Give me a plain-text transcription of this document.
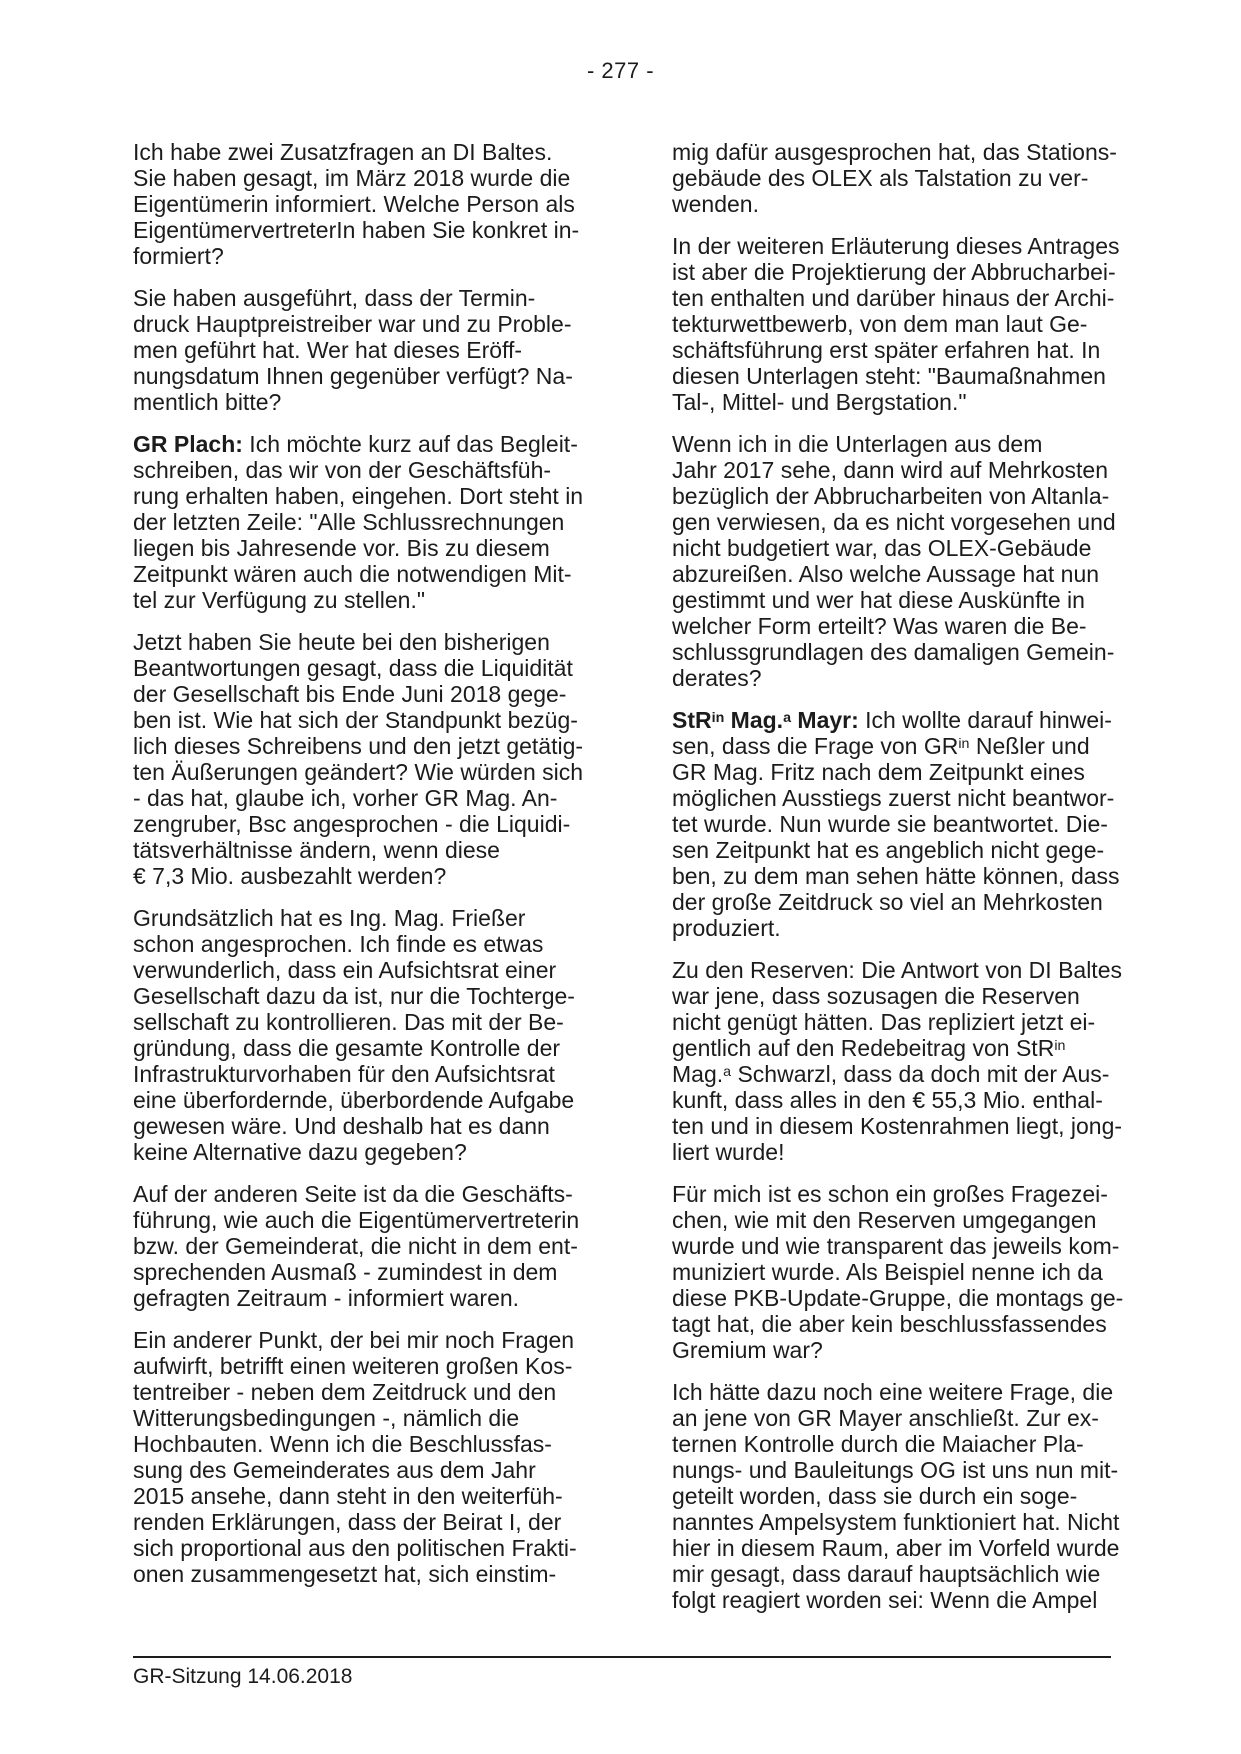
- 277 -

Ich habe zwei Zusatzfragen an DI Baltes.
Sie haben gesagt, im März 2018 wurde die
Eigentümerin informiert. Welche Person als
EigentümervertreterIn haben Sie konkret in-
formiert?

Sie haben ausgeführt, dass der Termin-
druck Hauptpreistreiber war und zu Proble-
men geführt hat. Wer hat dieses Eröff-
nungsdatum Ihnen gegenüber verfügt? Na-
mentlich bitte?

GR Plach: Ich möchte kurz auf das Begleit-
schreiben, das wir von der Geschäftsfüh-
rung erhalten haben, eingehen. Dort steht in
der letzten Zeile: "Alle Schlussrechnungen
liegen bis Jahresende vor. Bis zu diesem
Zeitpunkt wären auch die notwendigen Mit-
tel zur Verfügung zu stellen."

Jetzt haben Sie heute bei den bisherigen
Beantwortungen gesagt, dass die Liquidität
der Gesellschaft bis Ende Juni 2018 gege-
ben ist. Wie hat sich der Standpunkt bezüg-
lich dieses Schreibens und den jetzt getätig-
ten Äußerungen geändert? Wie würden sich
- das hat, glaube ich, vorher GR Mag. An-
zengruber, Bsc angesprochen - die Liquidi-
tätsverhältnisse ändern, wenn diese
€ 7,3 Mio. ausbezahlt werden?

Grundsätzlich hat es Ing. Mag. Frießer
schon angesprochen. Ich finde es etwas
verwunderlich, dass ein Aufsichtsrat einer
Gesellschaft dazu da ist, nur die Tochterge-
sellschaft zu kontrollieren. Das mit der Be-
gründung, dass die gesamte Kontrolle der
Infrastrukturvorhaben für den Aufsichtsrat
eine überfordernde, überbordende Aufgabe
gewesen wäre. Und deshalb hat es dann
keine Alternative dazu gegeben?

Auf der anderen Seite ist da die Geschäfts-
führung, wie auch die Eigentümervertreterin
bzw. der Gemeinderat, die nicht in dem ent-
sprechenden Ausmaß - zumindest in dem
gefragten Zeitraum - informiert waren.

Ein anderer Punkt, der bei mir noch Fragen
aufwirft, betrifft einen weiteren großen Kos-
tentreiber - neben dem Zeitdruck und den
Witterungsbedingungen -, nämlich die
Hochbauten. Wenn ich die Beschlussfas-
sung des Gemeinderates aus dem Jahr
2015 ansehe, dann steht in den weiterfüh-
renden Erklärungen, dass der Beirat I, der
sich proportional aus den politischen Frakti-
onen zusammengesetzt hat, sich einstim-

mig dafür ausgesprochen hat, das Stations-
gebäude des OLEX als Talstation zu ver-
wenden.

In der weiteren Erläuterung dieses Antrages
ist aber die Projektierung der Abbrucharbei-
ten enthalten und darüber hinaus der Archi-
tekturwettbewerb, von dem man laut Ge-
schäftsführung erst später erfahren hat. In
diesen Unterlagen steht: "Baumaßnahmen
Tal-, Mittel- und Bergstation."

Wenn ich in die Unterlagen aus dem
Jahr 2017 sehe, dann wird auf Mehrkosten
bezüglich der Abbrucharbeiten von Altanla-
gen verwiesen, da es nicht vorgesehen und
nicht budgetiert war, das OLEX-Gebäude
abzureißen. Also welche Aussage hat nun
gestimmt und wer hat diese Auskünfte in
welcher Form erteilt? Was waren die Be-
schlussgrundlagen des damaligen Gemein-
derates?

StR$^{in}$ Mag.$^a$ Mayr: Ich wollte darauf hinwei-
sen, dass die Frage von $GR^{in}$ Neßler und
GR Mag. Fritz nach dem Zeitpunkt eines
möglichen Ausstiegs zuerst nicht beantwor-
tet wurde. Nun wurde sie beantwortet. Die-
sen Zeitpunkt hat es angeblich nicht gege-
ben, zu dem man sehen hätte können, dass
der große Zeitdruck so viel an Mehrkosten
produziert.

Zu den Reserven: Die Antwort von DI Baltes
war jene, dass sozusagen die Reserven
nicht genügt hätten. Das repliziert jetzt ei-
gentlich auf den Redebeitrag von StR$^{in}$
Mag.$^a$ Schwarzl, dass da doch mit der Aus-
kunft, dass alles in den € 55,3 Mio. enthal-
ten und in diesem Kostenrahmen liegt, jong-
liert wurde!

Für mich ist es schon ein großes Fragezei-
chen, wie mit den Reserven umgegangen
wurde und wie transparent das jeweils kom-
muniziert wurde. Als Beispiel nenne ich da
diese PKB-Update-Gruppe, die montags ge-
tagt hat, die aber kein beschlussfassendes
Gremium war?

Ich hätte dazu noch eine weitere Frage, die
an jene von GR Mayer anschließt. Zur ex-
ternen Kontrolle durch die Maiacher Pla-
nungs- und Bauleitungs OG ist uns nun mit-
geteilt worden, dass sie durch ein soge-
nanntes Ampelsystem funktioniert hat. Nicht
hier in diesem Raum, aber im Vorfeld wurde
mir gesagt, dass darauf hauptsächlich wie
folgt reagiert worden sei: Wenn die Ampel

GR-Sitzung 14.06.2018
